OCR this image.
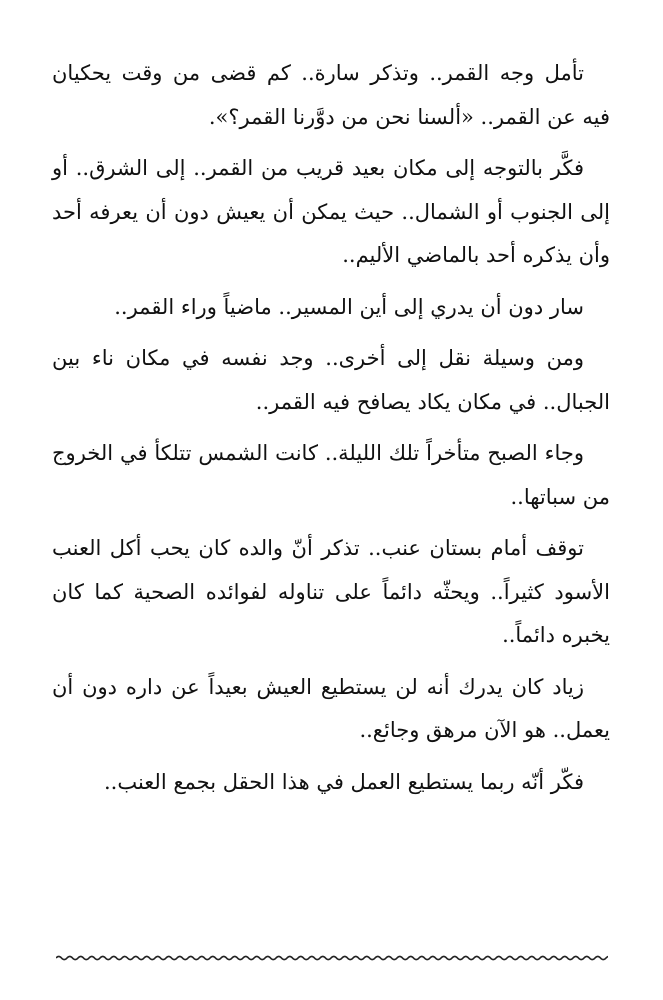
تأمل وجه القمر.. وتذكر سارة.. كم قضى من وقت يحكيان فيه عن القمر.. «ألسنا نحن من دوَّرنا القمر؟».

فكَّر بالتوجه إلى مكان بعيد قريب من القمر.. إلى الشرق.. أو إلى الجنوب أو الشمال.. حيث يمكن أن يعيش دون أن يعرفه أحد وأن يذكره أحد بالماضي الأليم..

سار دون أن يدري إلى أين المسير.. ماضياً وراء القمر..

ومن وسيلة نقل إلى أخرى.. وجد نفسه في مكان ناء بين الجبال.. في مكان يكاد يصافح فيه القمر..

وجاء الصبح متأخراً تلك الليلة.. كانت الشمس تتلكأ في الخروج من سباتها..

توقف أمام بستان عنب.. تذكر أنّ والده كان يحب أكل العنب الأسود كثيراً.. ويحثّه دائماً على تناوله لفوائده الصحية كما كان يخبره دائماً..

زياد كان يدرك أنه لن يستطيع العيش بعيداً عن داره دون أن يعمل.. هو الآن مرهق وجائع..

فكّر أنّه ربما يستطيع العمل في هذا الحقل بجمع العنب..
